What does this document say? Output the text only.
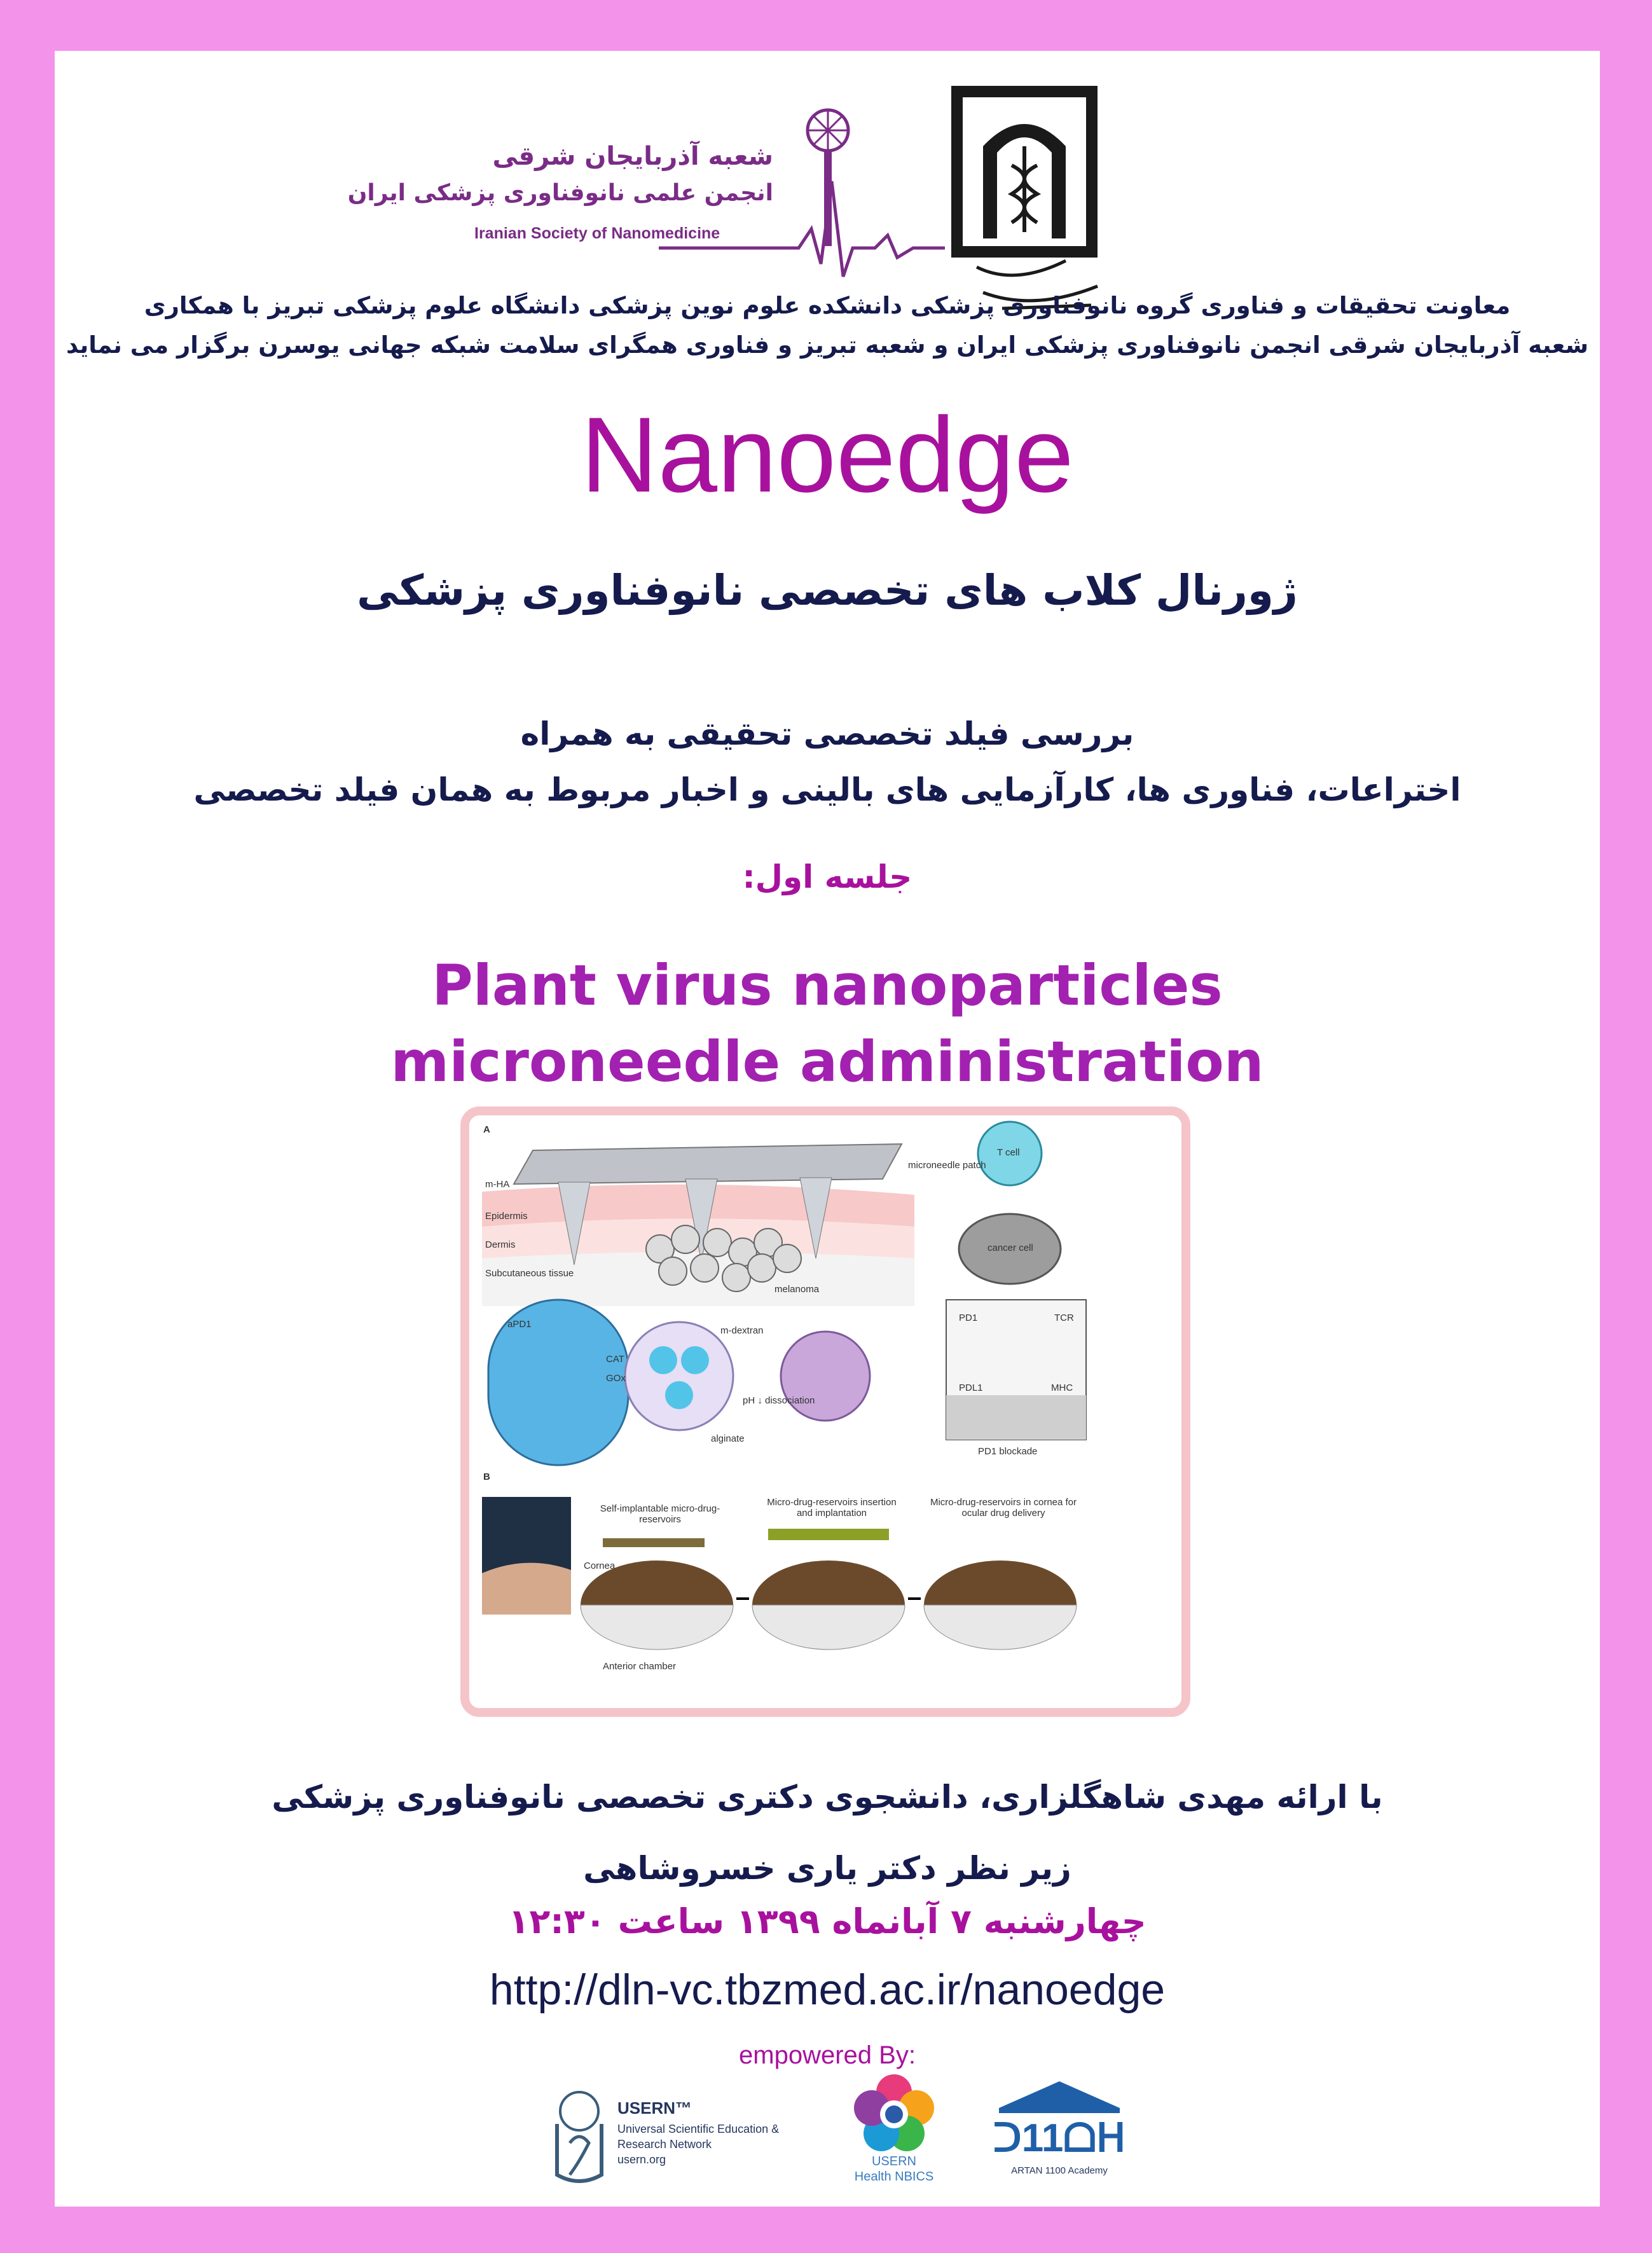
شعبه آذربایجان شرقی
انجمن علمی نانوفناوری پزشکی ایران
Iranian Society of Nanomedicine
معاونت تحقیقات و فناوری گروه نانوفناوری پزشکی دانشکده علوم نوین پزشکی دانشگاه علوم پزشکی تبریز با همکاری
شعبه آذربایجان شرقی انجمن نانوفناوری پزشکی ایران و شعبه تبریز و فناوری همگرای سلامت شبکه جهانی یوسرن برگزار می نماید
Nanoedge
ژورنال کلاب های تخصصی نانوفناوری پزشکی
بررسی فیلد تخصصی تحقیقی به همراه
اختراعات، فناوری ها، کارآزمایی های بالینی و اخبار مربوط به همان فیلد تخصصی
جلسه اول:
Plant virus nanoparticles
microneedle administration
A
microneedle patch
m-HA
Epidermis
Dermis
Subcutaneous tissue
melanoma
aPD1
CAT
GOx
m-dextran
pH ↓ dissociation
alginate
T cell
cancer cell
PD1
PDL1
TCR
MHC
PD1 blockade
B
Self-implantable micro-drug-reservoirs
Micro-drug-reservoirs insertion and implantation
Micro-drug-reservoirs in cornea for ocular drug delivery
Cornea
Anterior chamber
با ارائه مهدی شاهگلزاری، دانشجوی دکتری تخصصی نانوفناوری پزشکی
زیر نظر دکتر یاری خسروشاهی
چهارشنبه ۷ آبانماه ۱۳۹۹ ساعت ۱۲:۳۰
http://dln-vc.tbzmed.ac.ir/nanoedge
empowered By:
USERN™
Universal Scientific Education &
Research Network
usern.org	USERN
Health NBICS
ᑐ11ᗝᕼ
ARTAN 1100 Academy
